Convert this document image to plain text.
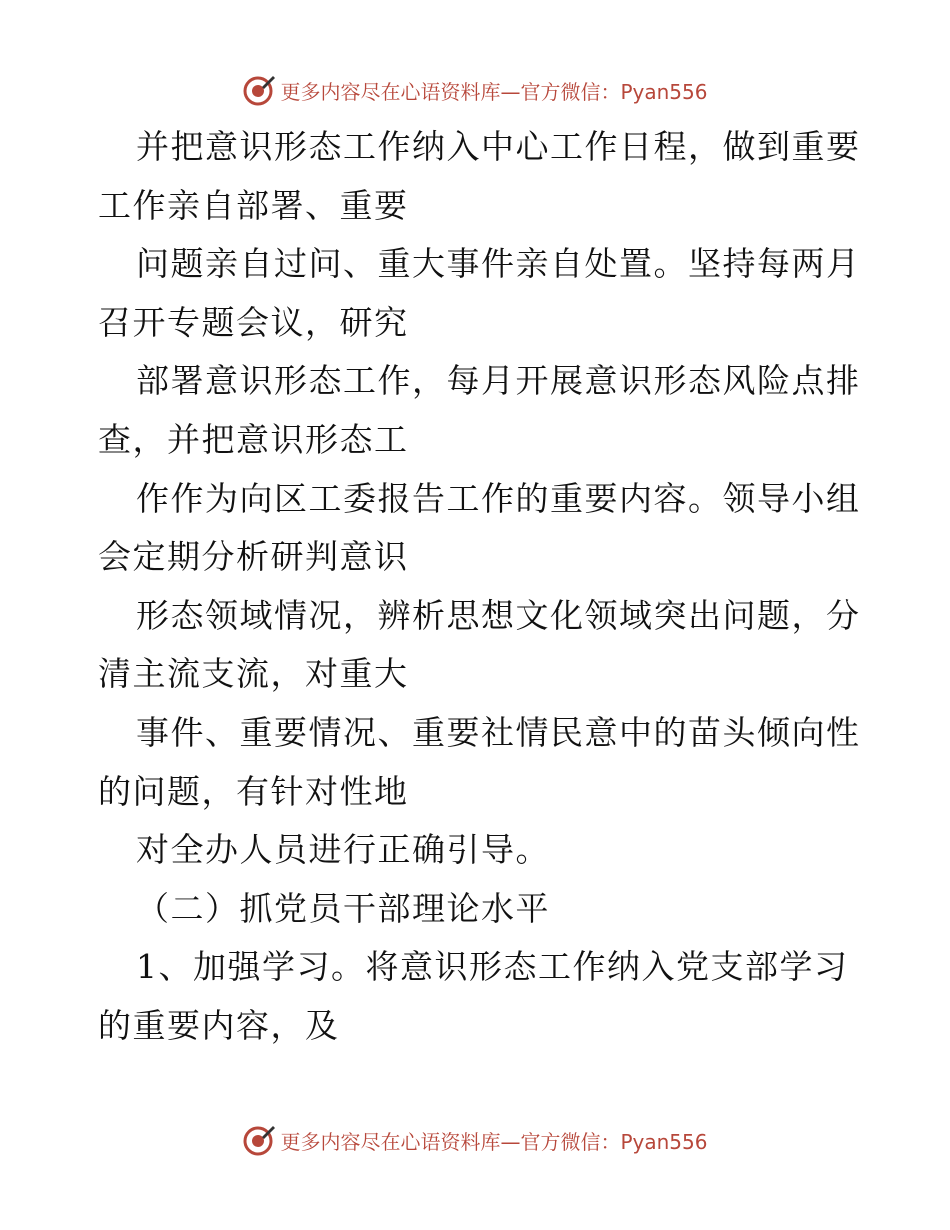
更多内容尽在心语资料库—官方微信：Pyan556
并把意识形态工作纳入中心工作日程，做到重要
工作亲自部署、重要
问题亲自过问、重大事件亲自处置。坚持每两月
召开专题会议，研究
部署意识形态工作，每月开展意识形态风险点排
查，并把意识形态工
作作为向区工委报告工作的重要内容。领导小组
会定期分析研判意识
形态领域情况，辨析思想文化领域突出问题，分
清主流支流，对重大
事件、重要情况、重要社情民意中的苗头倾向性
的问题，有针对性地
对全办人员进行正确引导。
（二）抓党员干部理论水平
1、加强学习。将意识形态工作纳入党支部学习
的重要内容，及
更多内容尽在心语资料库—官方微信：Pyan556
